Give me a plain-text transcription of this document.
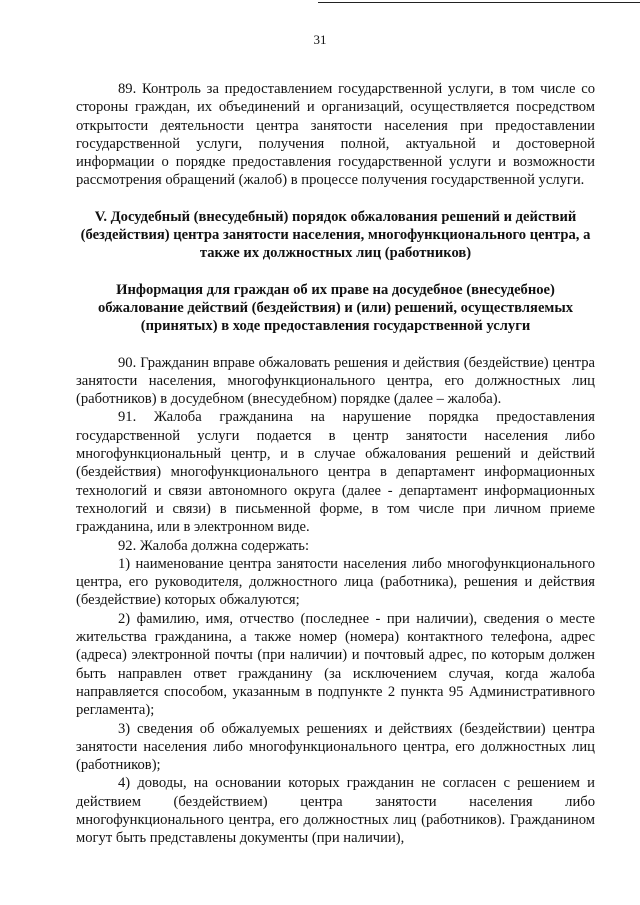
31

89. Контроль за предоставлением государственной услуги, в том числе со стороны граждан, их объединений и организаций, осуществляется посредством открытости деятельности центра занятости населения при предоставлении государственной услуги, получения полной, актуальной и достоверной информации о порядке предоставления государственной услуги и возможности рассмотрения обращений (жалоб) в процессе получения государственной услуги.

V. Досудебный (внесудебный) порядок обжалования решений и действий (бездействия) центра занятости населения, многофункционального центра, а также их должностных лиц (работников)
Информация для граждан об их праве на досудебное (внесудебное) обжалование действий (бездействия) и (или) решений, осуществляемых (принятых) в ходе предоставления государственной услуги

90. Гражданин вправе обжаловать решения и действия (бездействие) центра занятости населения, многофункционального центра, его должностных лиц (работников) в досудебном (внесудебном) порядке (далее – жалоба).

91. Жалоба гражданина на нарушение порядка предоставления государственной услуги подается в центр занятости населения либо многофункциональный центр, и в случае обжалования решений и действий (бездействия) многофункционального центра в департамент информационных технологий и связи автономного округа (далее - департамент информационных технологий и связи) в письменной форме, в том числе при личном приеме гражданина, или в электронном виде.

92. Жалоба должна содержать:

1) наименование центра занятости населения либо многофункционального центра, его руководителя, должностного лица (работника), решения и действия (бездействие) которых обжалуются;

2) фамилию, имя, отчество (последнее - при наличии), сведения о месте жительства гражданина, а также номер (номера) контактного телефона, адрес (адреса) электронной почты (при наличии) и почтовый адрес, по которым должен быть направлен ответ гражданину (за исключением случая, когда жалоба направляется способом, указанным в подпункте 2 пункта 95 Административного регламента);

3) сведения об обжалуемых решениях и действиях (бездействии) центра занятости населения либо многофункционального центра, его должностных лиц (работников);

4) доводы, на основании которых гражданин не согласен с решением и действием (бездействием) центра занятости населения либо многофункционального центра, его должностных лиц (работников). Гражданином могут быть представлены документы (при наличии),
